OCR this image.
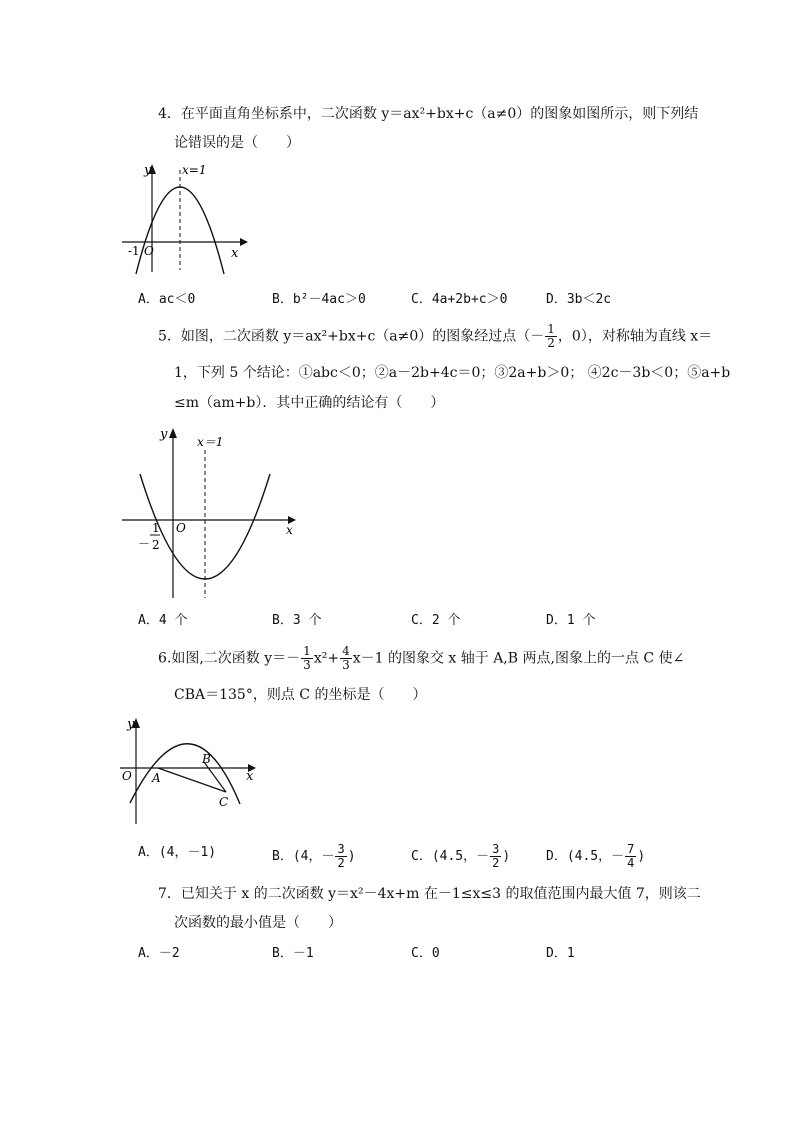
4．在平面直角坐标系中，二次函数 y＝ax²+bx+c（a≠0）的图象如图所示，则下列结
论错误的是（　　）
y	x=1
-1 O	x
A．ac＜0	B．b²－4ac＞0	C．4a+2b+c＞0	D．3b＜2c
5．如图，二次函数 y＝ax²+bx+c（a≠0）的图象经过点（－ $\frac{1}{2}$ ，0），对称轴为直线 x＝
1，下列 5 个结论：①abc＜0；②a－2b+4c＝0；③2a+b＞0； ④2c－3b＜0；⑤a+b
≤m（am+b）．其中正确的结论有（　　）
y x＝1
O	x
－
1
2
A．4 个	B．3 个	C．2 个	D．1 个
6.如图,二次函数 $y=- \frac{1}{3} x^2+ \frac{4}{3} x-1$ 的图象交 x 轴于 A,B 两点,图象上的一点 C 使∠
CBA＝135°，则点 C 的坐标是（　　）
y
O A
B
C
x
A．(4，－1)	B．(4，－ $\frac{3}{2}$ )	C．(4.5，－ $\frac{3}{2}$ )	D．(4.5，－ $\frac{7}{4}$ )
7．已知关于 x 的二次函数 y＝x²－4x+m 在－1≤x≤3 的取值范围内最大值 7，则该二
次函数的最小值是（　　）
A．－2	B．－1	C．0	D．1
